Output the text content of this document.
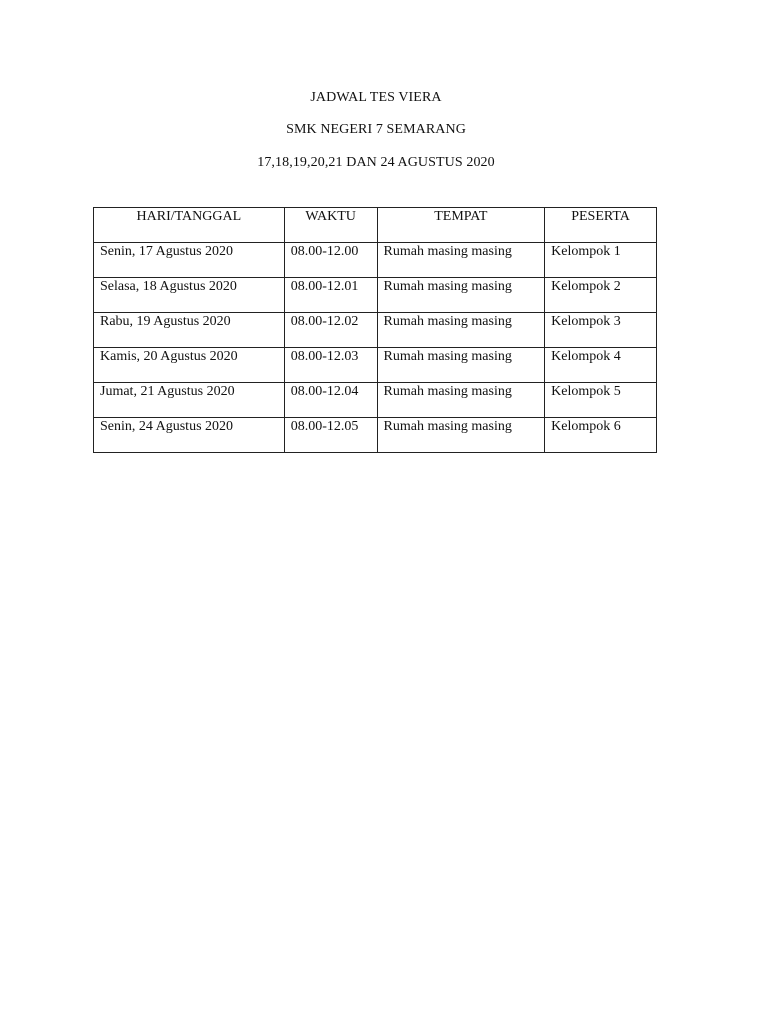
JADWAL TES VIERA
SMK NEGERI 7 SEMARANG
17,18,19,20,21 DAN 24 AGUSTUS 2020
HARI/TANGGAL	WAKTU	TEMPAT	PESERTA
Senin, 17 Agustus 2020	08.00-12.00	Rumah masing masing	Kelompok 1
Selasa, 18 Agustus 2020	08.00-12.01	Rumah masing masing	Kelompok 2
Rabu, 19 Agustus 2020	08.00-12.02	Rumah masing masing	Kelompok 3
Kamis, 20 Agustus 2020	08.00-12.03	Rumah masing masing	Kelompok 4
Jumat, 21 Agustus 2020	08.00-12.04	Rumah masing masing	Kelompok 5
Senin, 24 Agustus 2020	08.00-12.05	Rumah masing masing	Kelompok 6
